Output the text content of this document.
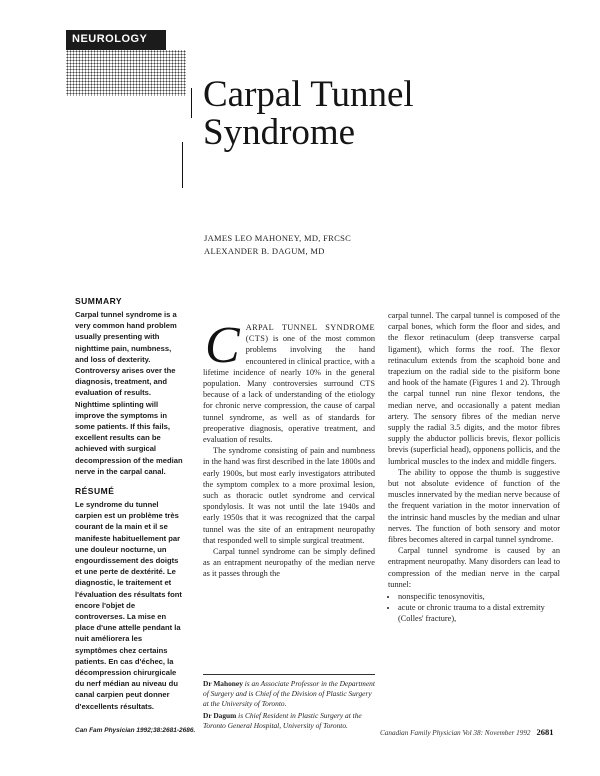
NEUROLOGY
Carpal Tunnel
Syndrome
JAMES LEO MAHONEY, MD, FRCSC
ALEXANDER B. DAGUM, MD
SUMMARY

Carpal tunnel syndrome is a very common hand problem usually presenting with nighttime pain, numbness, and loss of dexterity. Controversy arises over the diagnosis, treatment, and evaluation of results. Nighttime splinting will improve the symptoms in some patients. If this fails, excellent results can be achieved with surgical decompression of the median nerve in the carpal canal.

RÉSUMÉ

Le syndrome du tunnel carpien est un problème très courant de la main et il se manifeste habituellement par une douleur nocturne, un engourdissement des doigts et une perte de dextérité. Le diagnostic, le traitement et l'évaluation des résultats font encore l'objet de controverses. La mise en place d'une attelle pendant la nuit améliorera les symptômes chez certains patients. En cas d'échec, la décompression chirurgicale du nerf médian au niveau du canal carpien peut donner d'excellents résultats.

Can Fam Physician 1992;38:2681-2686.

CARPAL TUNNEL SYNDROME (CTS) is one of the most common problems involving the hand encountered in clinical practice, with a lifetime incidence of nearly 10% in the general population. Many controversies surround CTS because of a lack of understanding of the etiology for chronic nerve compression, the cause of carpal tunnel syndrome, as well as of standards for preoperative diagnosis, operative treatment, and evaluation of results.

The syndrome consisting of pain and numbness in the hand was first described in the late 1800s and early 1900s, but most early investigators attributed the symptom complex to a more proximal lesion, such as thoracic outlet syndrome and cervical spondylosis. It was not until the late 1940s and early 1950s that it was recognized that the carpal tunnel was the site of an entrapment neuropathy that responded well to simple surgical treatment.

Carpal tunnel syndrome can be simply defined as an entrapment neuropathy of the median nerve as it passes through the

Dr Mahoney is an Associate Professor in the Department of Surgery and is Chief of the Division of Plastic Surgery at the University of Toronto.

Dr Dagum is Chief Resident in Plastic Surgery at the Toronto General Hospital, University of Toronto.

carpal tunnel. The carpal tunnel is composed of the carpal bones, which form the floor and sides, and the flexor retinaculum (deep transverse carpal ligament), which forms the roof. The flexor retinaculum extends from the scaphoid bone and trapezium on the radial side to the pisiform bone and hook of the hamate (Figures 1 and 2). Through the carpal tunnel run nine flexor tendons, the median nerve, and occasionally a patent median artery. The sensory fibres of the median nerve supply the radial 3.5 digits, and the motor fibres supply the abductor pollicis brevis, flexor pollicis brevis (superficial head), opponens pollicis, and the lumbrical muscles to the index and middle fingers.

The ability to oppose the thumb is suggestive but not absolute evidence of function of the muscles innervated by the median nerve because of the frequent variation in the motor innervation of the intrinsic hand muscles by the median and ulnar nerves. The function of both sensory and motor fibres becomes altered in carpal tunnel syndrome.

Carpal tunnel syndrome is caused by an entrapment neuropathy. Many disorders can lead to compression of the median nerve in the carpal tunnel:

• nonspecific tenosynovitis,
• acute or chronic trauma to a distal extremity (Colles' fracture),
Canadian Family Physician Vol 38: November 1992 2681
